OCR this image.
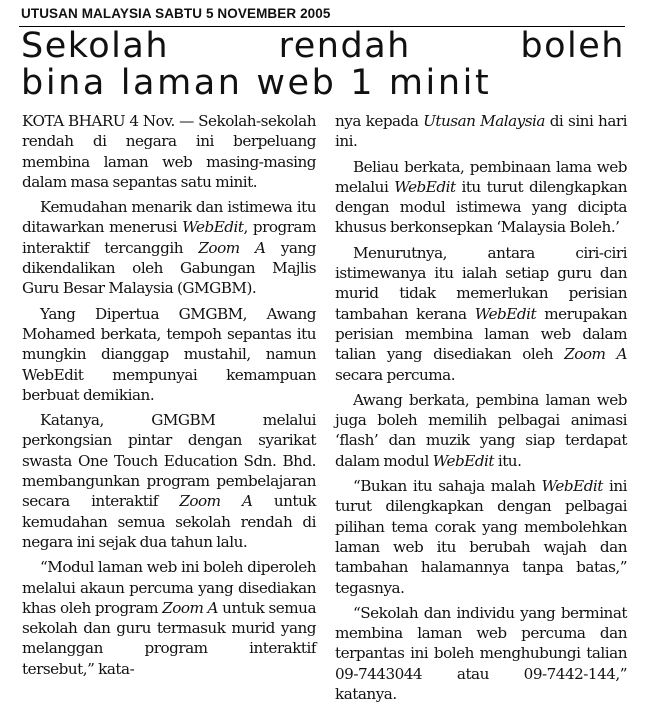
UTUSAN MALAYSIA SABTU 5 NOVEMBER 2005
Sekolah	rendah	boleh
bina laman web 1 minit

KOTA BHARU 4 Nov. — Sekolah-sekolah rendah di negara ini berpeluang membina laman web masing-masing dalam masa sepantas satu minit.

Kemudahan menarik dan istimewa itu ditawarkan menerusi WebEdit, program interaktif tercanggih Zoom A yang dikendalikan oleh Gabungan Majlis Guru Besar Malaysia (GMGBM).

Yang Dipertua GMGBM, Awang Mohamed berkata, tempoh sepantas itu mungkin dianggap mustahil, namun WebEdit mempunyai kemampuan berbuat demikian.

Katanya, GMGBM melalui perkongsian pintar dengan syarikat swasta One Touch Education Sdn. Bhd. membangunkan program pembelajaran secara interaktif Zoom A untuk kemudahan semua sekolah rendah di negara ini sejak dua tahun lalu.

“Modul laman web ini boleh diperoleh melalui akaun percuma yang disediakan khas oleh program Zoom A untuk semua sekolah dan guru termasuk murid yang melanggan program interaktif tersebut,” kata-

nya kepada Utusan Malaysia di sini hari ini.

Beliau berkata, pembinaan lama web melalui WebEdit itu turut dilengkapkan dengan modul istimewa yang dicipta khusus berkonsepkan ‘Malaysia Boleh.’

Menurutnya, antara ciri-ciri istimewanya itu ialah setiap guru dan murid tidak memerlukan perisian tambahan kerana WebEdit merupakan perisian membina laman web dalam talian yang disediakan oleh Zoom A secara percuma.

Awang berkata, pembina laman web juga boleh memilih pelbagai animasi ‘flash’ dan muzik yang siap terdapat dalam modul WebEdit itu.

“Bukan itu sahaja malah WebEdit ini turut dilengkapkan dengan pelbagai pilihan tema corak yang membolehkan laman web itu berubah wajah dan tambahan halamannya tanpa batas,” tegasnya.

“Sekolah dan individu yang berminat membina laman web percuma dan terpantas ini boleh menghubungi talian 09-7443044 atau 09-7442-144,” katanya.
